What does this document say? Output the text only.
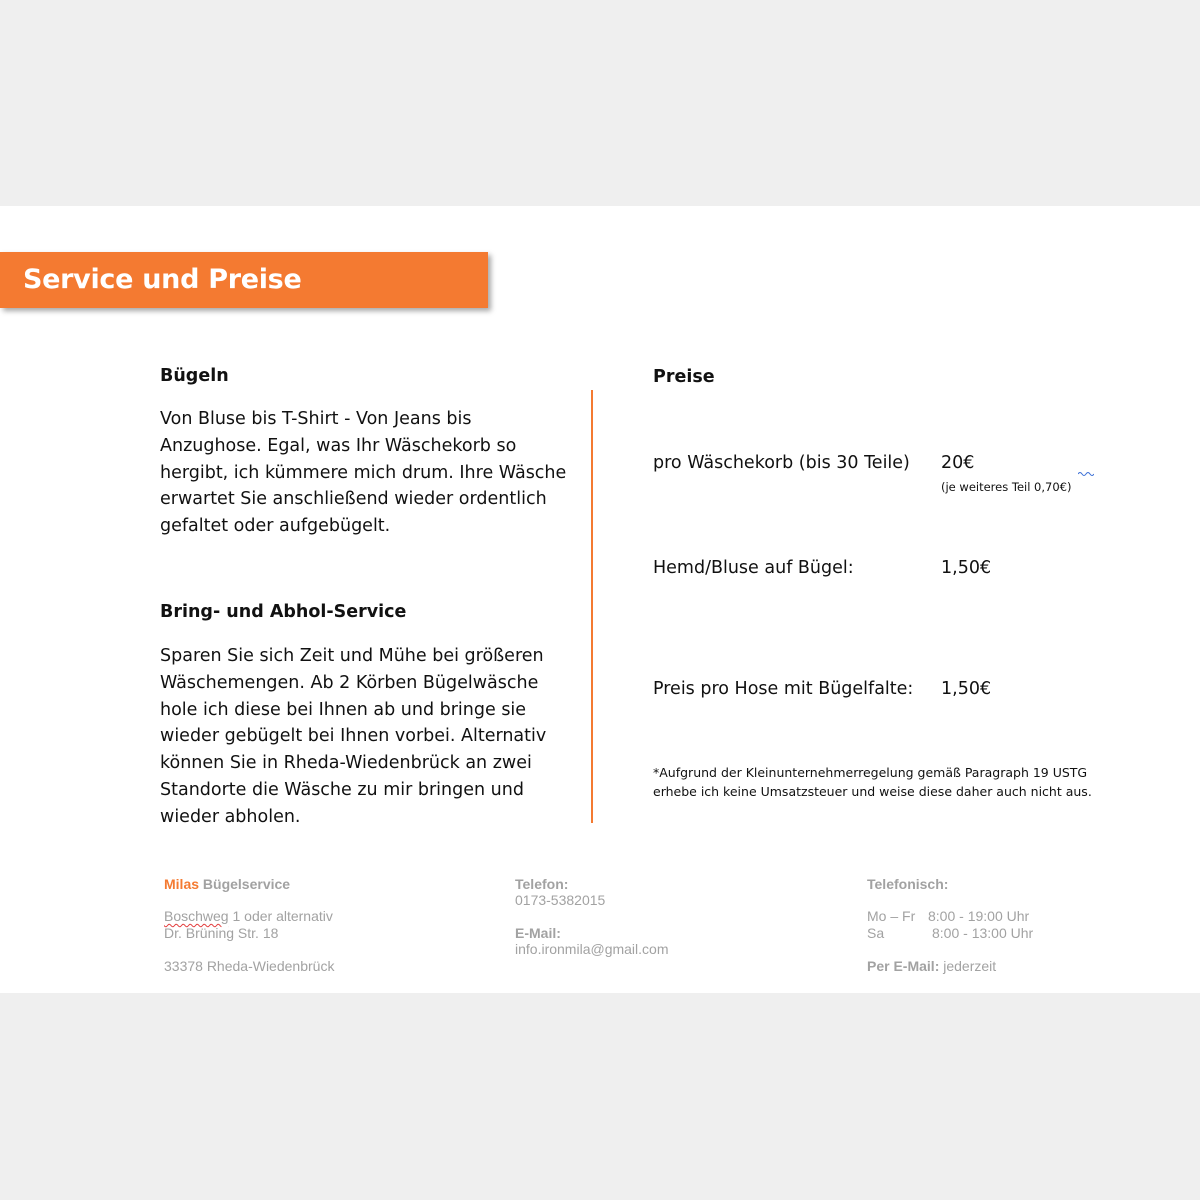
Service und Preise
Bügeln
Von Bluse bis T-Shirt - Von Jeans bis Anzughose. Egal, was Ihr Wäschekorb so hergibt, ich kümmere mich drum. Ihre Wäsche erwartet Sie anschließend wieder ordentlich gefaltet oder aufgebügelt.
Bring- und Abhol-Service
Sparen Sie sich Zeit und Mühe bei größeren Wäschemengen. Ab 2 Körben Bügelwäsche hole ich diese bei Ihnen ab und bringe sie wieder gebügelt bei Ihnen vorbei. Alternativ können Sie in Rheda-Wiedenbrück an zwei Standorte die Wäsche zu mir bringen und wieder abholen.
Preise
pro Wäschekorb (bis 30 Teile) 20€
(je weiteres Teil 0,70€)
Hemd/Bluse auf Bügel:	1,50€
Preis pro Hose mit Bügelfalte: 1,50€
*Aufgrund der Kleinunternehmerregelung gemäß Paragraph 19 USTG
erhebe ich keine Umsatzsteuer und weise diese daher auch nicht aus.
Milas Bügelservice
Boschweg 1 oder alternativ
Dr. Brüning Str. 18
33378 Rheda-Wiedenbrück
Telefon:
0173-5382015
E-Mail:
info.ironmila@gmail.com
Telefonisch:
Mo – Fr 8:00 - 19:00 Uhr
Sa	8:00 - 13:00 Uhr
Per E-Mail: jederzeit
